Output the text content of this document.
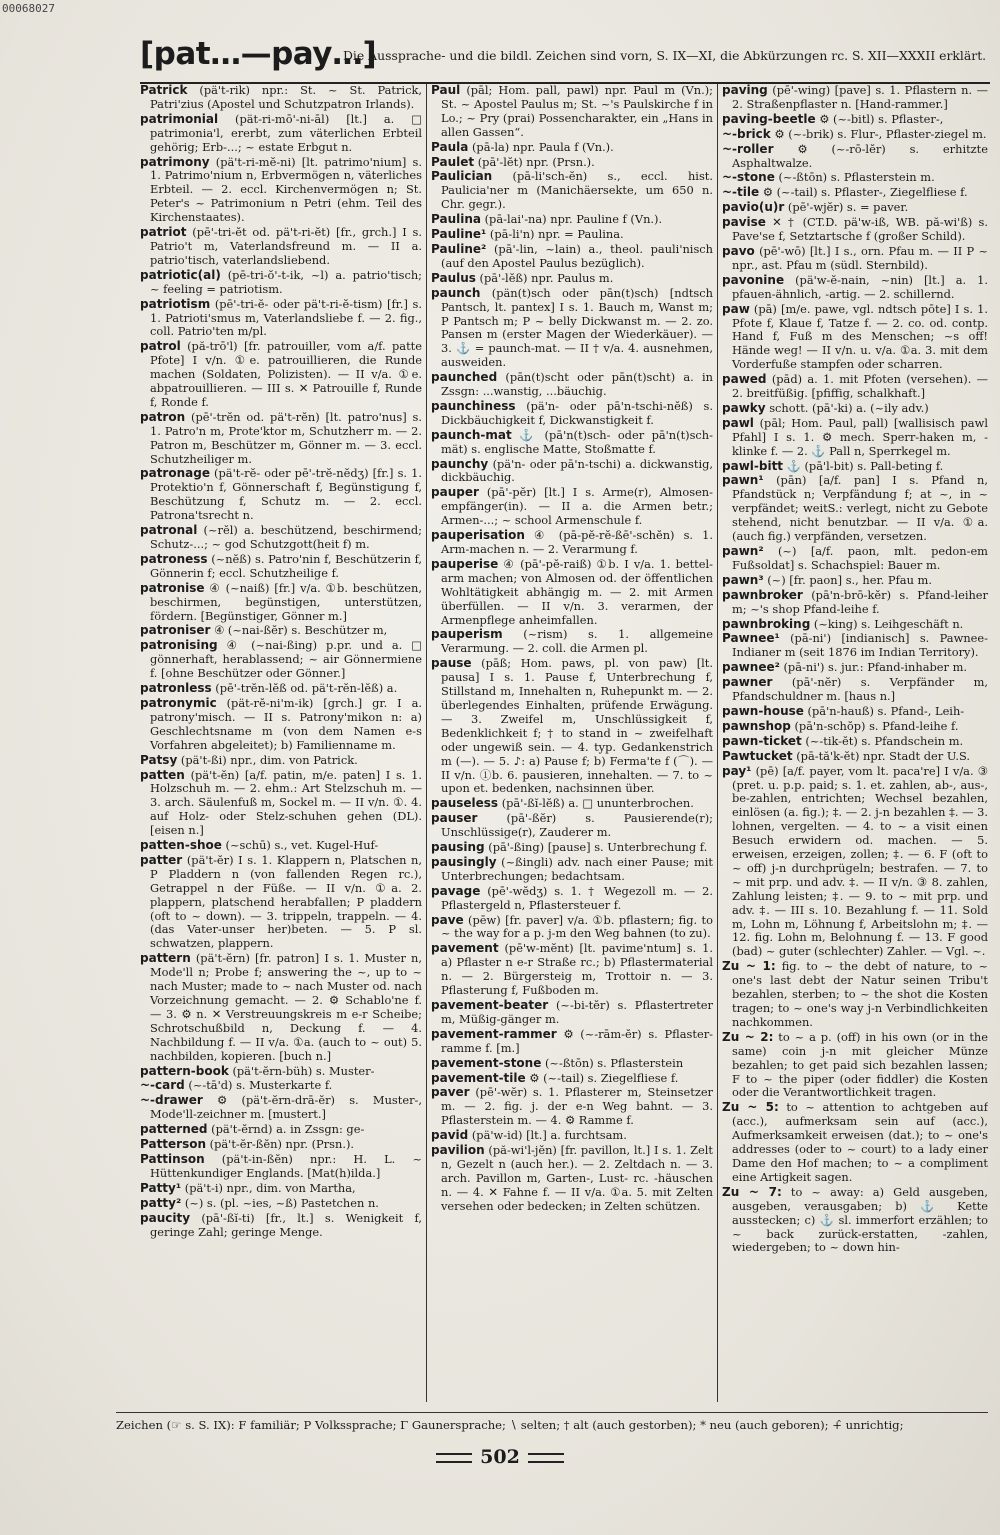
00068027
[pat…—pay…]
Die Aussprache- und die bildl. Zeichen sind vorn, S. IX—XI, die Abkürzungen rc. S. XII—XXXII erklärt.
Patrick (pä't-rik) npr.: St. ~ St. Patrick, Patri'zius (Apostel und Schutzpatron Irlands).
patrimonial (pät-ri-mō'-ni-āl) [lt.] a. □ patrimonia'l, ererbt, zum väterlichen Erbteil gehörig; Erb-...; ~ estate Erbgut n.
patrimony (pä't-ri-mĕ-ni) [lt. patrimo'nium] s. 1. Patrimo'nium n, Erbvermögen n, väterliches Erbteil. — 2. eccl. Kirchenvermögen n; St. Peter's ~ Patrimonium n Petri (ehm. Teil des Kirchenstaates).
patriot (pē'-tri-ĕt od. pä't-ri-ĕt) [fr., grch.] I s. Patrio't m, Vaterlandsfreund m. — II a. patrio'tisch, vaterlandsliebend.
patriotic(al) (pē-tri-ŏ'-t-ik, ~l) a. patrio'tisch; ~ feeling = patriotism.
patriotism (pē'-tri-ĕ- oder pä't-ri-ĕ-tism) [fr.] s. 1. Patrioti'smus m, Vaterlandsliebe f. — 2. fig., coll. Patrio'ten m/pl.
patrol (pă-trō'l) [fr. patrouiller, vom a/f. patte Pfote] I v/n. ①e. patrouillieren, die Runde machen (Soldaten, Polizisten). — II v/a. ①e. abpatrouillieren. — III s. ✕ Patrouille f, Runde f, Ronde f.
patron (pē'-trĕn od. pä't-rĕn) [lt. patro'nus] s. 1. Patro'n m, Prote'ktor m, Schutzherr m. — 2. Patron m, Beschützer m, Gönner m. — 3. eccl. Schutzheiliger m.
patronage (pä't-rĕ- oder pē'-trĕ-nĕdʒ) [fr.] s. 1. Protektio'n f, Gönnerschaft f, Begünstigung f, Beschützung f, Schutz m. — 2. eccl. Patrona'tsrecht n.
patronal (~rĕl) a. beschützend, beschirmend; Schutz-...; ~ god Schutzgott(heit f) m.
patroness (~nĕß) s. Patro'nin f, Beschützerin f, Gönnerin f; eccl. Schutzheilige f.
patronise ④ (~naiß) [fr.] v/a. ①b. beschützen, beschirmen, begünstigen, unterstützen, fördern. [Begünstiger, Gönner m.]
patroniser ④ (~nai-ßĕr) s. Beschützer m,
patronising ④ (~nai-ßing) p.pr. und a. □ gönnerhaft, herablassend; ~ air Gönnermiene f. [ohne Beschützer oder Gönner.]
patronless (pē'-trĕn-lĕß od. pä't-rĕn-lĕß) a.
patronymic (pät-rĕ-ni'm-ik) [grch.] gr. I a. patrony'misch. — II s. Patrony'mikon n: a) Geschlechtsname m (von dem Namen e-s Vorfahren abgeleitet); b) Familienname m.
Patsy (pä't-ßi) npr., dim. von Patrick.
patten (pä't-ĕn) [a/f. patin, m/e. paten] I s. 1. Holzschuh m. — 2. ehm.: Art Stelzschuh m. — 3. arch. Säulenfuß m, Sockel m. — II v/n. ①. 4. auf Holz- oder Stelz-schuhen gehen (DL). [eisen n.]
patten-shoe (~schū) s., vet. Kugel-Huf-
patter (pä't-ĕr) I s. 1. Klappern n, Platschen n, P Pladdern n (von fallenden Regen rc.), Getrappel n der Füße. — II v/n. ①a. 2. plappern, platschend herabfallen; P pladdern (oft to ~ down). — 3. trippeln, trappeln. — 4. (das Vater-unser her)beten. — 5. P sl. schwatzen, plappern.
pattern (pä't-ĕrn) [fr. patron] I s. 1. Muster n, Mode'll n; Probe f; answering the ~, up to ~ nach Muster; made to ~ nach Muster od. nach Vorzeichnung gemacht. — 2. ⚙ Schablo'ne f. — 3. ⚙ n. ✕ Verstreuungskreis m e-r Scheibe; Schrotschußbild n, Deckung f. — 4. Nachbildung f. — II v/a. ①a. (auch to ~ out) 5. nachbilden, kopieren. [buch n.]
pattern-book (pä't-ĕrn-büh) s. Muster-
~-card (~-tā'd) s. Musterkarte f.
~-drawer ⚙ (pä't-ĕrn-drā-ĕr) s. Muster-, Mode'll-zeichner m. [mustert.]
patterned (pä't-ĕrnd) a. in Zssgn: ge-
Patterson (pä't-ĕr-ßĕn) npr. (Prsn.).
Pattinson (pä't-in-ßĕn) npr.: H. L. ~ Hüttenkundiger Englands. [Mat(h)ilda.]
Patty¹ (pä't-i) npr., dim. von Martha,
patty² (~) s. (pl. ~ies, ~ß) Pastetchen n.
paucity (pā'-ßĭ-ti) [fr., lt.] s. Wenigkeit f, geringe Zahl; geringe Menge.
Paul (pāl; Hom. pall, pawl) npr. Paul m (Vn.); St. ~ Apostel Paulus m; St. ~'s Paulskirche f in Lo.; ~ Pry (prai) Possencharakter, ein „Hans in allen Gassen“.
Paula (pā-la) npr. Paula f (Vn.).
Paulet (pā'-lĕt) npr. (Prsn.).
Paulician (pā-li'sch-ĕn) s., eccl. hist. Paulicia'ner m (Manichäersekte, um 650 n. Chr. gegr.).
Paulina (pā-lai'-na) npr. Pauline f (Vn.).
Pauline¹ (pā-li'n) npr. = Paulina.
Pauline² (pā'-lin, ~lain) a., theol. pauli'nisch (auf den Apostel Paulus bezüglich).
Paulus (pā'-lĕß) npr. Paulus m.
paunch (pän(t)sch oder pān(t)sch) [ndtsch Pantsch, lt. pantex] I s. 1. Bauch m, Wanst m; P Pantsch m; P ~ belly Dickwanst m. — 2. zo. Pansen m (erster Magen der Wiederkäuer). — 3. ⚓ = paunch-mat. — II † v/a. 4. ausnehmen, ausweiden.
paunched (pān(t)scht oder pān(t)scht) a. in Zssgn: ...wanstig, ...bäuchig.
paunchiness (pä'n- oder pā'n-tschi-nĕß) s. Dickbäuchigkeit f, Dickwanstigkeit f.
paunch-mat ⚓ (pā'n(t)sch- oder pā'n(t)sch-mät) s. englische Matte, Stoßmatte f.
paunchy (pä'n- oder pā'n-tschi) a. dickwanstig, dickbäuchig.
pauper (pā'-pĕr) [lt.] I s. Arme(r), Almosen-empfänger(in). — II a. die Armen betr.; Armen-...; ~ school Armenschule f.
pauperisation ④ (pā-pĕ-rĕ-ßē'-schĕn) s. 1. Arm-machen n. — 2. Verarmung f.
pauperise ④ (pā'-pĕ-raiß) ①b. I v/a. 1. bettel-arm machen; von Almosen od. der öffentlichen Wohltätigkeit abhängig m. — 2. mit Armen überfüllen. — II v/n. 3. verarmen, der Armenpflege anheimfallen.
pauperism (~rism) s. 1. allgemeine Verarmung. — 2. coll. die Armen pl.
pause (pāß; Hom. paws, pl. von paw) [lt. pausa] I s. 1. Pause f, Unterbrechung f, Stillstand m, Innehalten n, Ruhepunkt m. — 2. überlegendes Einhalten, prüfende Erwägung. — 3. Zweifel m, Unschlüssigkeit f, Bedenklichkeit f; † to stand in ~ zweifelhaft oder ungewiß sein. — 4. typ. Gedankenstrich m (—). — 5. ♪: a) Pause f; b) Ferma'te f (⌒). — II v/n. ①b. 6. pausieren, innehalten. — 7. to ~ upon et. bedenken, nachsinnen über.
pauseless (pā'-ßĭ-lĕß) a. □ ununterbrochen.
pauser	(pā'-ßĕr) s. Pausierende(r); Unschlüssige(r), Zauderer m.
pausing (pā'-ßing) [pause] s. Unterbrechung f.
pausingly (~ßingli) adv. nach einer Pause; mit Unterbrechungen; bedachtsam.
pavage (pē'-wĕdʒ) s. 1. † Wegezoll m. — 2. Pflastergeld n, Pflastersteuer f.
pave (pēw) [fr. paver] v/a. ①b. pflastern; fig. to ~ the way for a p. j-m den Weg bahnen (to zu).
pavement (pē'w-mĕnt) [lt. pavime'ntum] s. 1. a) Pflaster n e-r Straße rc.; b) Pflastermaterial n. — 2. Bürgersteig m, Trottoir n. — 3. Pflasterung f, Fußboden m.
pavement-beater (~-bi-tĕr) s. Pflastertreter m, Müßig-gänger m.
pavement-rammer ⚙ (~-rām-ĕr) s. Pflaster-ramme f. [m.]
pavement-stone (~-ßtōn) s. Pflasterstein
pavement-tile ⚙ (~-tail) s. Ziegelfliese f.
paver (pē'-wĕr) s. 1. Pflasterer m, Steinsetzer m. — 2. fig. j. der e-n Weg bahnt. — 3. Pflasterstein m. — 4. ⚙ Ramme f.
pavid (pä'w-id) [lt.] a. furchtsam.
pavilion (pă-wi'l-jĕn) [fr. pavillon, lt.] I s. 1. Zelt n, Gezelt n (auch her.). — 2. Zeltdach n. — 3. arch. Pavillon m, Garten-, Lust- rc. -häuschen n. — 4. ✕ Fahne f. — II v/a. ①a. 5. mit Zelten versehen oder bedecken; in Zelten schützen.
paving (pē'-wing) [pave] s. 1. Pflastern n. — 2. Straßenpflaster n. [Hand-rammer.]
paving-beetle ⚙ (~-bitl) s. Pflaster-,
~-brick ⚙ (~-brik) s. Flur-, Pflaster-ziegel m.
~-roller ⚙ (~-rō-lĕr) s. erhitzte Asphaltwalze.
~-stone (~-ßtōn) s. Pflasterstein m.
~-tile ⚙ (~-tail) s. Pflaster-, Ziegelfliese f.
pavio(u)r (pē'-wjĕr) s. = paver.
pavise ✕ † (CT.D. pä'w-iß, WB. pă-wi'ß) s. Pave'se f, Setztartsche f (großer Schild).
pavo (pē'-wō) [lt.] I s., orn. Pfau m. — II P ~ npr., ast. Pfau m (südl. Sternbild).
pavonine (pä'w-ĕ-nain, ~nin) [lt.] a. 1. pfauen-ähnlich, -artig. — 2. schillernd.
paw (pā) [m/e. pawe, vgl. ndtsch pōte] I s. 1. Pfote f, Klaue f, Tatze f. — 2. co. od. contp. Hand f, Fuß m des Menschen; ~s off! Hände weg! — II v/n. u. v/a. ①a. 3. mit dem Vorderfuße stampfen oder scharren.
pawed (pād) a. 1. mit Pfoten (versehen). — 2. breitfüßig. [pfiffig, schalkhaft.]
pawky schott. (pā'-ki) a. (~ily adv.)
pawl (pāl; Hom. Paul, pall) [wallisisch pawl Pfahl] I s. 1. ⚙ mech. Sperr-haken m, -klinke f. — 2. ⚓ Pall n, Sperrkegel m.
pawl-bitt ⚓ (pā'l-bit) s. Pall-beting f.
pawn¹ (pān) [a/f. pan] I s. Pfand n, Pfandstück n; Verpfändung f; at ~, in ~ verpfändet; weitS.: verlegt, nicht zu Gebote stehend, nicht benutzbar. — II v/a. ①a. (auch fig.) verpfänden, versetzen.
pawn² (~) [a/f. paon, mlt. pedon-em Fußsoldat] s. Schachspiel: Bauer m.
pawn³ (~) [fr. paon] s., her. Pfau m.
pawnbroker (pā'n-brō-kĕr) s. Pfand-leiher m; ~'s shop Pfand-leihe f.
pawnbroking (~king) s. Leihgeschäft n.
Pawnee¹ (pā-ni') [indianisch] s. Pawnee-Indianer m (seit 1876 im Indian Territory).
pawnee² (pā-ni') s. jur.: Pfand-inhaber m.
pawner (pā'-nĕr) s. Verpfänder m, Pfandschuldner m. [haus n.]
pawn-house (pā'n-hauß) s. Pfand-, Leih-
pawnshop (pā'n-schŏp) s. Pfand-leihe f.
pawn-ticket (~-tik-ĕt) s. Pfandschein m.
Pawtucket (pā-tă'k-ĕt) npr. Stadt der U.S.
pay¹ (pē) [a/f. payer, vom lt. paca're] I v/a. ③ (pret. u. p.p. paid; s. 1. et. zahlen, ab-, aus-, be-zahlen, entrichten; Wechsel bezahlen, einlösen (a. fig.); ‡. — 2. j-n bezahlen ‡. — 3. lohnen, vergelten. — 4. to ~ a visit einen Besuch erwidern od. machen. — 5. erweisen, erzeigen, zollen; ‡. — 6. F (oft to ~ off) j-n durchprügeln; bestrafen. — 7. to ~ mit prp. und adv. ‡. — II v/n. ③ 8. zahlen, Zahlung leisten; ‡. — 9. to ~ mit prp. und adv. ‡. — III s. 10. Bezahlung f. — 11. Sold m, Lohn m, Löhnung f, Arbeitslohn m; ‡. — 12. fig. Lohn m, Belohnung f. — 13. F good (bad) ~ guter (schlechter) Zahler. — Vgl. ~.
Zu ~ 1: fig. to ~ the debt of nature, to ~ one's last debt der Natur seinen Tribu't bezahlen, sterben; to ~ the shot die Kosten tragen; to ~ one's way j-n Verbindlichkeiten nachkommen.
Zu ~ 2: to ~ a p. (off) in his own (or in the same) coin j-n mit gleicher Münze bezahlen; to get paid sich bezahlen lassen; F to ~ the piper (oder fiddler) die Kosten oder die Verantwortlichkeit tragen.
Zu ~ 5: to ~ attention to achtgeben auf (acc.), aufmerksam sein auf (acc.), Aufmerksamkeit erweisen (dat.); to ~ one's addresses (oder to ~ court) to a lady einer Dame den Hof machen; to ~ a compliment eine Artigkeit sagen.
Zu ~ 7: to ~ away: a) Geld ausgeben, ausgeben, verausgaben; b) ⚓ Kette ausstecken; c) ⚓ sl. immerfort erzählen; to ~ back zurück-erstatten, -zahlen, wiedergeben; to ~ down hin-
Zeichen (☞ s. S. IX): F familiär; P Volkssprache; Γ Gaunersprache; ∖ selten; † alt (auch gestorben); * neu (auch geboren); +̂ unrichtig;
502
